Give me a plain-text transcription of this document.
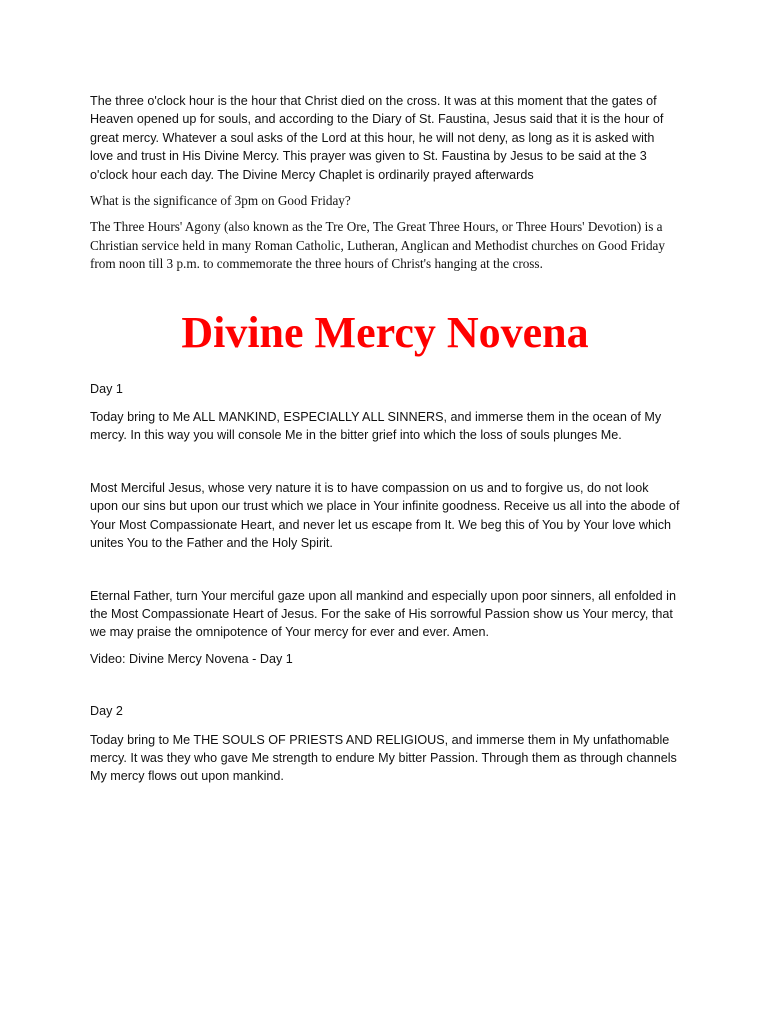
The three o'clock hour is the hour that Christ died on the cross. It was at this moment that the gates of Heaven opened up for souls, and according to the Diary of St. Faustina, Jesus said that it is the hour of great mercy. Whatever a soul asks of the Lord at this hour, he will not deny, as long as it is asked with love and trust in His Divine Mercy. This prayer was given to St. Faustina by Jesus to be said at the 3 o'clock hour each day. The Divine Mercy Chaplet is ordinarily prayed afterwards

What is the significance of 3pm on Good Friday?

The Three Hours' Agony (also known as the Tre Ore, The Great Three Hours, or Three Hours' Devotion) is a Christian service held in many Roman Catholic, Lutheran, Anglican and Methodist churches on Good Friday from noon till 3 p.m. to commemorate the three hours of Christ's hanging at the cross.

Divine Mercy Novena

Day 1

Today bring to Me ALL MANKIND, ESPECIALLY ALL SINNERS, and immerse them in the ocean of My mercy. In this way you will console Me in the bitter grief into which the loss of souls plunges Me.

Most Merciful Jesus, whose very nature it is to have compassion on us and to forgive us, do not look upon our sins but upon our trust which we place in Your infinite goodness. Receive us all into the abode of Your Most Compassionate Heart, and never let us escape from It. We beg this of You by Your love which unites You to the Father and the Holy Spirit.

Eternal Father, turn Your merciful gaze upon all mankind and especially upon poor sinners, all enfolded in the Most Compassionate Heart of Jesus. For the sake of His sorrowful Passion show us Your mercy, that we may praise the omnipotence of Your mercy for ever and ever. Amen.

Video: Divine Mercy Novena - Day 1

Day 2

Today bring to Me THE SOULS OF PRIESTS AND RELIGIOUS, and immerse them in My unfathomable mercy. It was they who gave Me strength to endure My bitter Passion. Through them as through channels My mercy flows out upon mankind.
